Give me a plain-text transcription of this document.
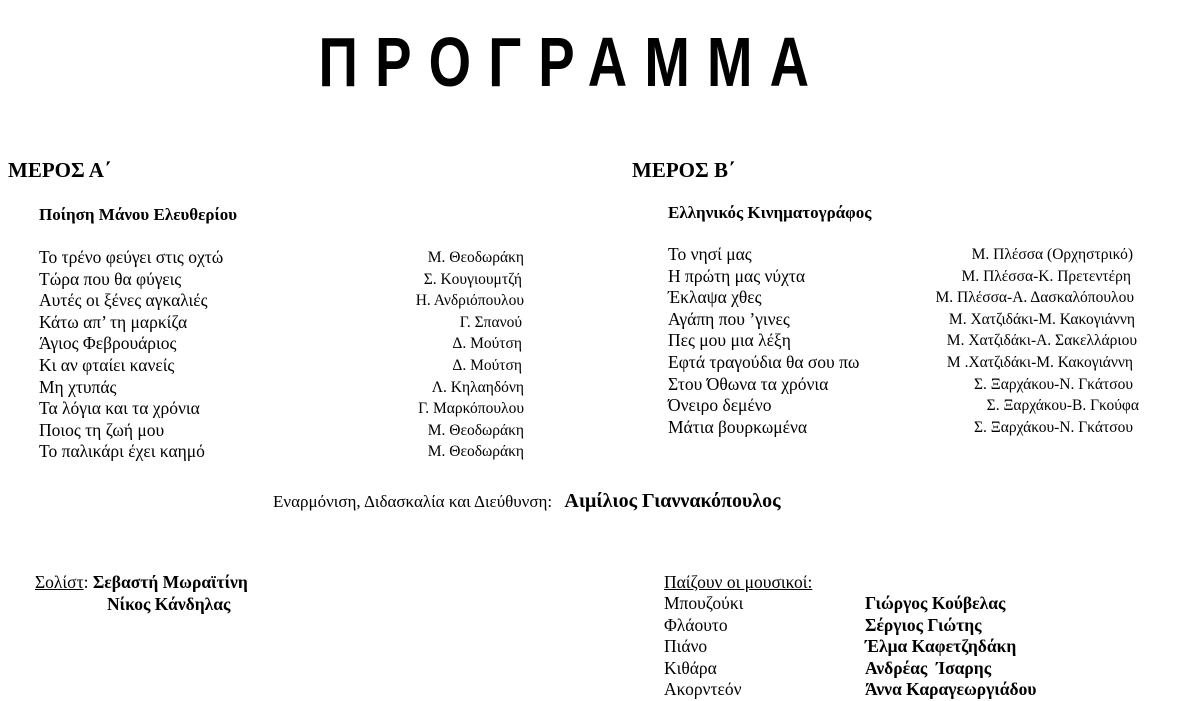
ΠΡΟΓΡΑΜΜΑ
ΜΕΡΟΣ Α΄
Ποίηση Μάνου Ελευθερίου
Το τρένο φεύγει στις οχτώ	Μ. Θεοδωράκη
Τώρα που θα φύγεις	Σ. Κουγιουμτζή
Αυτές οι ξένες αγκαλιές	Η. Ανδριόπουλου
Κάτω απ’ τη μαρκίζα	Γ. Σπανού
Άγιος Φεβρουάριος	Δ. Μούτση
Κι αν φταίει κανείς	Δ. Μούτση
Μη χτυπάς	Λ. Κηλαηδόνη
Τα λόγια και τα χρόνια	Γ. Μαρκόπουλου
Ποιος τη ζωή μου	Μ. Θεοδωράκη
Το παλικάρι έχει καημό	Μ. Θεοδωράκη
ΜΕΡΟΣ Β΄
Ελληνικός Κινηματογράφος
Το νησί μας	Μ. Πλέσσα (Ορχηστρικό)
Η πρώτη μας νύχτα	Μ. Πλέσσα-Κ. Πρετεντέρη
Έκλαψα χθες	Μ. Πλέσσα-Α. Δασκαλόπουλου
Αγάπη που ’γινες	Μ. Χατζιδάκι-Μ. Κακογιάννη
Πες μου μια λέξη	Μ. Χατζιδάκι-Α. Σακελλάριου
Εφτά τραγούδια θα σου πω	Μ .Χατζιδάκι-Μ. Κακογιάννη
Στου Όθωνα τα χρόνια	Σ. Ξαρχάκου-Ν. Γκάτσου
Όνειρο δεμένο	Σ. Ξαρχάκου-Β. Γκούφα
Μάτια βουρκωμένα	Σ. Ξαρχάκου-Ν. Γκάτσου
Εναρμόνιση, Διδασκαλία και Διεύθυνση: Αιμίλιος Γιαννακόπουλος
Σολίστ: Σεβαστή Μωραϊτίνη
Νίκος Κάνδηλας
Παίζουν οι μουσικοί:
Μπουζούκι	Γιώργος Κούβελας
Φλάουτο	Σέργιος Γιώτης
Πιάνο	Έλμα Καφετζηδάκη
Κιθάρα	Ανδρέας  Ίσαρης
Ακορντεόν	Άννα Καραγεωργιάδου
